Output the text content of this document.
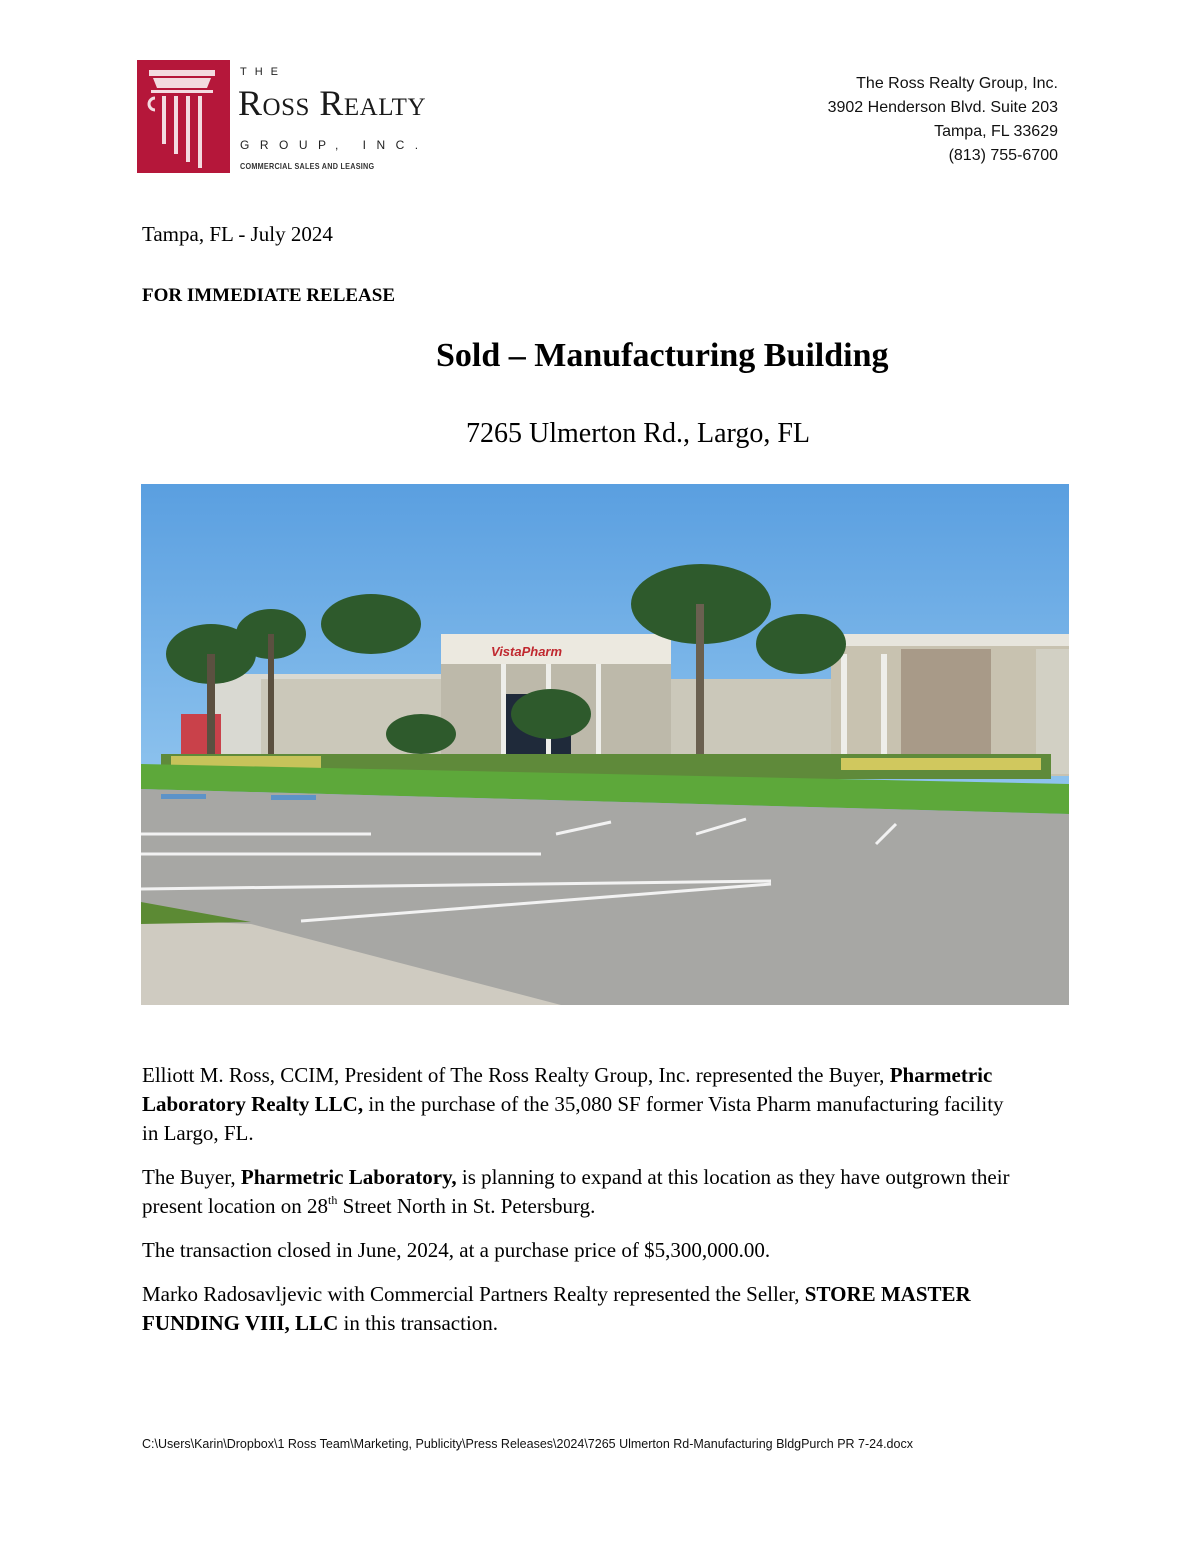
THE
Ross Realty
GROUP, INC.
COMMERCIAL SALES AND LEASING
The Ross Realty Group, Inc.
3902 Henderson Blvd. Suite 203
Tampa, FL 33629
(813) 755-6700
Tampa, FL - July 2024
FOR IMMEDIATE RELEASE
Sold – Manufacturing Building
7265 Ulmerton Rd., Largo, FL
VistaPharm

Elliott M. Ross, CCIM, President of The Ross Realty Group, Inc. represented the Buyer, Pharmetric Laboratory Realty LLC, in the purchase of the 35,080 SF former Vista Pharm manufacturing facility in Largo, FL.

The Buyer, Pharmetric Laboratory, is planning to expand at this location as they have outgrown their present location on 28th Street North in St. Petersburg.

The transaction closed in June, 2024, at a purchase price of $5,300,000.00.

Marko Radosavljevic with Commercial Partners Realty represented the Seller, STORE MASTER FUNDING VIII, LLC in this transaction.

C:\Users\Karin\Dropbox\1 Ross Team\Marketing, Publicity\Press Releases\2024\7265 Ulmerton Rd-Manufacturing BldgPurch PR 7-24.docx
